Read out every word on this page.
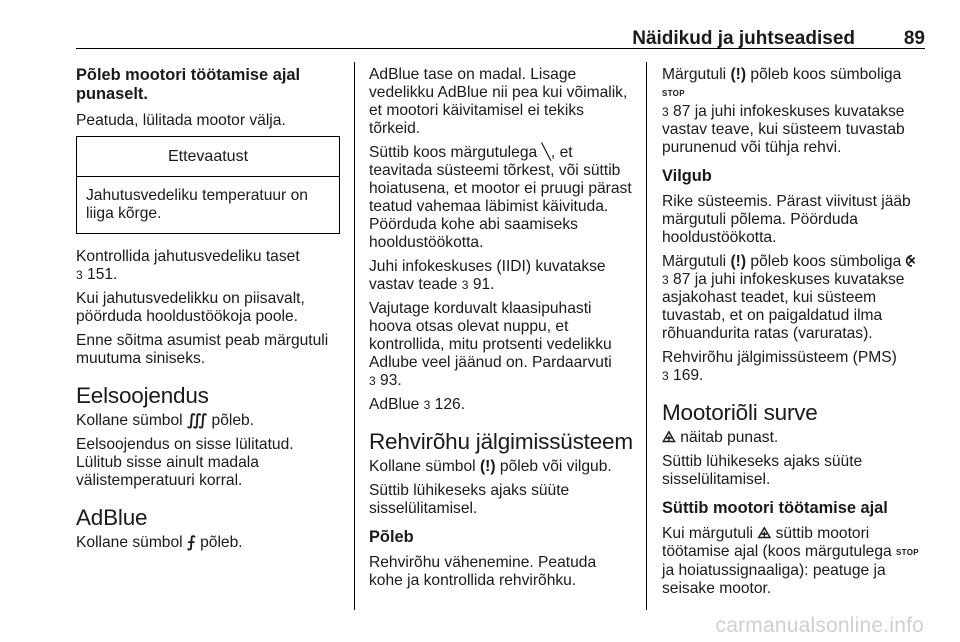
Näidikud ja juhtseadised	89
Põleb mootori töötamise ajal punaselt.

Peatuda, lülitada mootor välja.

Ettevaatust
Jahutusvedeliku temperatuur on liiga kõrge.

Kontrollida jahutusvedeliku taset
3 151.

Kui jahutusvedelikku on piisavalt, pöörduda hooldustöökoja poole.

Enne sõitma asumist peab märgutuli muutuma siniseks.

Eelsoojendus

Kollane sümbol ∭ põleb.

Eelsoojendus on sisse lülitatud. Lülitub sisse ainult madala välistemperatuuri korral.

AdBlue

Kollane sümbol ⨍ põleb.

AdBlue tase on madal. Lisage vedelikku AdBlue nii pea kui võimalik, et mootori käivitamisel ei tekiks tõrkeid.

Süttib koos märgutulega ╲, et teavitada süsteemi tõrkest, või süttib hoiatusena, et mootor ei pruugi pärast teatud vahemaa läbimist käivituda. Pöörduda kohe abi saamiseks hooldustöökotta.

Juhi infokeskuses (IIDI) kuvatakse vastav teade 3 91.

Vajutage korduvalt klaasipuhasti hoova otsas olevat nuppu, et kontrollida, mitu protsenti vedelikku Adlube veel jäänud on. Pardaarvuti
3 93.

AdBlue 3 126.

Rehvirõhu jälgimissüsteem

Kollane sümbol (!) põleb või vilgub.

Süttib lühikeseks ajaks süüte sisselülitamisel.

Põleb

Rehvirõhu vähenemine. Peatuda kohe ja kontrollida rehvirõhku.

Märgutuli (!) põleb koos sümboliga STOP
3 87 ja juhi infokeskuses kuvatakse vastav teave, kui süsteem tuvastab purunenud või tühja rehvi.

Vilgub

Rike süsteemis. Pärast viivitust jääb märgutuli põlema. Pöörduda hooldustöökotta.

Märgutuli (!) põleb koos sümboliga ⨴
3 87 ja juhi infokeskuses kuvatakse asjakohast teadet, kui süsteem tuvastab, et on paigaldatud ilma rõhuandurita ratas (varuratas).

Rehvirõhu jälgimissüsteem (PMS)
3 169.

Mootoriõli surve

⨹ näitab punast.

Süttib lühikeseks ajaks süüte sisselülitamisel.

Süttib mootori töötamise ajal

Kui märgutuli ⨹ süttib mootori töötamise ajal (koos märgutulega STOP ja hoiatussignaaliga): peatuge ja seisake mootor.

carmanualsonline.info
